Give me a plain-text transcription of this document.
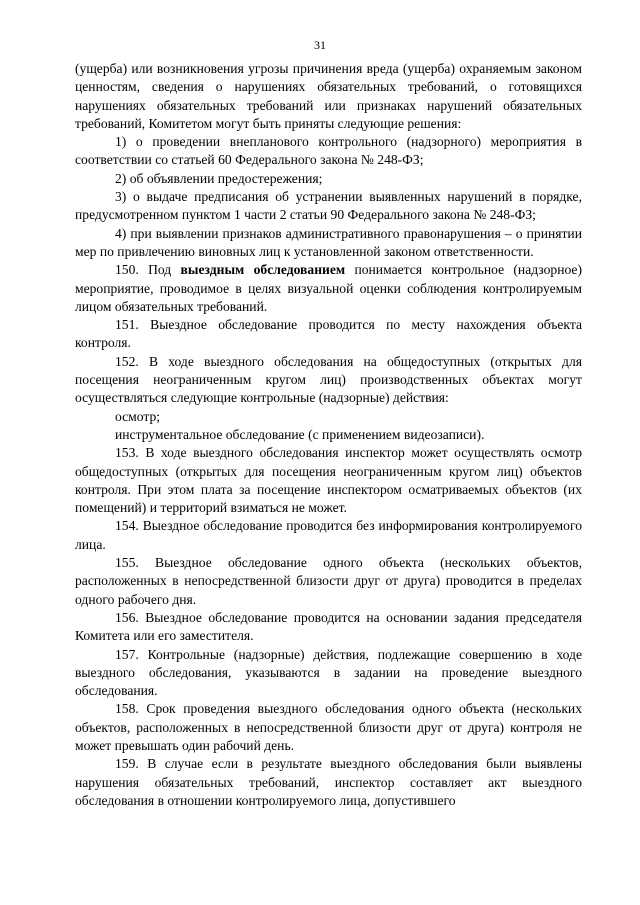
31

(ущерба) или возникновения угрозы причинения вреда (ущерба) охраняемым законом ценностям, сведения о нарушениях обязательных требований, о готовящихся нарушениях обязательных требований или признаках нарушений обязательных требований, Комитетом могут быть приняты следующие решения:

1) о проведении внепланового контрольного (надзорного) мероприятия в соответствии со статьей 60 Федерального закона № 248-ФЗ;

2) об объявлении предостережения;

3) о выдаче предписания об устранении выявленных нарушений в порядке, предусмотренном пунктом 1 части 2 статьи 90 Федерального закона № 248-ФЗ;

4) при выявлении признаков административного правонарушения – о принятии мер по привлечению виновных лиц к установленной законом ответственности.

150. Под выездным обследованием понимается контрольное (надзорное) мероприятие, проводимое в целях визуальной оценки соблюдения контролируемым лицом обязательных требований.

151. Выездное обследование проводится по месту нахождения объекта контроля.

152. В ходе выездного обследования на общедоступных (открытых для посещения неограниченным кругом лиц) производственных объектах могут осуществляться следующие контрольные (надзорные) действия:

осмотр;

инструментальное обследование (с применением видеозаписи).

153. В ходе выездного обследования инспектор может осуществлять осмотр общедоступных (открытых для посещения неограниченным кругом лиц) объектов контроля. При этом плата за посещение инспектором осматриваемых объектов (их помещений) и территорий взиматься не может.

154. Выездное обследование проводится без информирования контролируемого лица.

155. Выездное обследование одного объекта (нескольких объектов, расположенных в непосредственной близости друг от друга) проводится в пределах одного рабочего дня.

156. Выездное обследование проводится на основании задания председателя Комитета или его заместителя.

157. Контрольные (надзорные) действия, подлежащие совершению в ходе выездного обследования, указываются в задании на проведение выездного обследования.

158. Срок проведения выездного обследования одного объекта (нескольких объектов, расположенных в непосредственной близости друг от друга) контроля не может превышать один рабочий день.

159. В случае если в результате выездного обследования были выявлены нарушения обязательных требований, инспектор составляет акт выездного обследования в отношении контролируемого лица, допустившего
